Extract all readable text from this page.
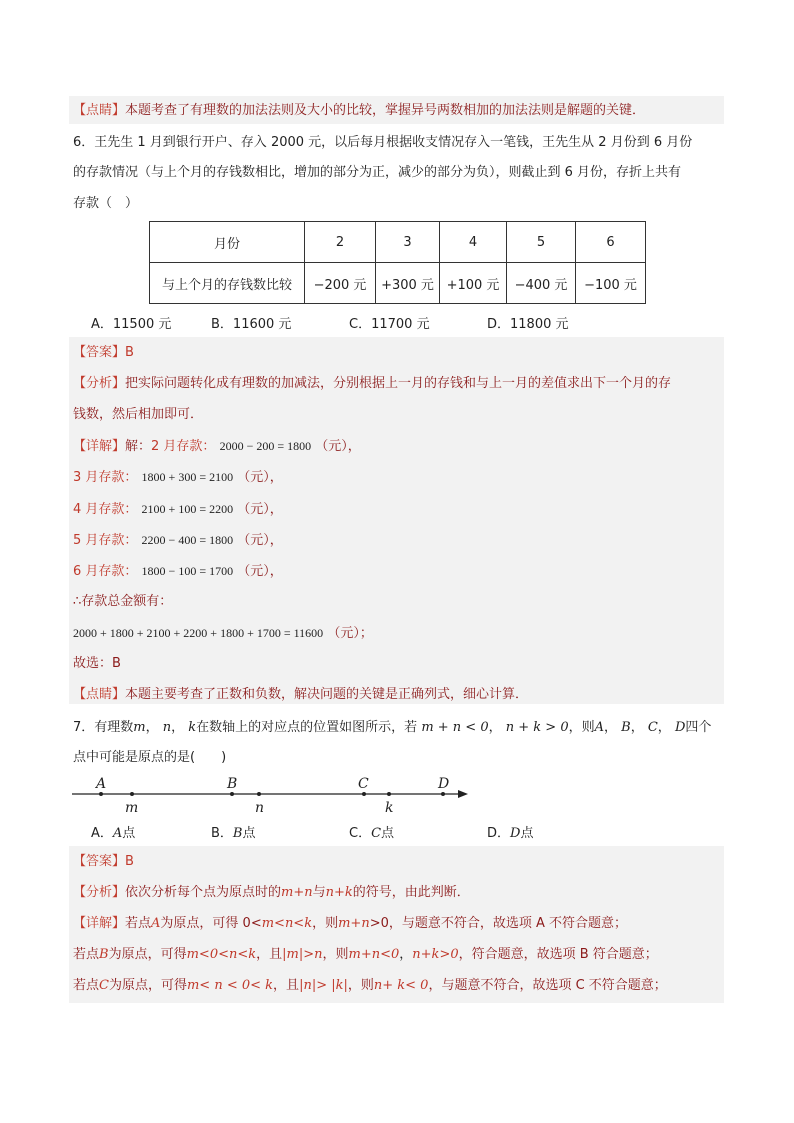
【点睛】本题考查了有理数的加法法则及大小的比较，掌握异号两数相加的加法法则是解题的关键．
6．王先生 1 月到银行开户、存入 2000 元，以后每月根据收支情况存入一笔钱，王先生从 2 月份到 6 月份
的存款情况（与上个月的存钱数相比，增加的部分为正，减少的部分为负），则截止到 6 月份，存折上共有
存款（　）
月份	2	3	4	5	6
与上个月的存钱数比较	−200 元	+300 元	+100 元	−400 元	−100 元
A．11500 元	B．11600 元	C．11700 元	D．11800 元
【答案】B
【分析】把实际问题转化成有理数的加减法，分别根据上一月的存钱和与上一月的差值求出下一个月的存
钱数，然后相加即可．
【详解】解：2 月存款： 2000 − 200 = 1800 （元），
3 月存款： 1800 + 300 = 2100 （元），
4 月存款： 2100 + 100 = 2200 （元），
5 月存款： 2200 − 400 = 1800 （元），
6 月存款： 1800 − 100 = 1700 （元），
∴存款总金额有：
2000 + 1800 + 2100 + 2200 + 1800 + 1700 = 11600 （元）；
故选：B
【点睛】本题主要考查了正数和负数，解决问题的关键是正确列式，细心计算．
7．有理数m， n， k在数轴上的对应点的位置如图所示，若 m + n < 0， n + k > 0，则A， B， C， D四个
点中可能是原点的是(　　)
A	B	C	D
m	n	k
A．A点	B．B点	C．C点	D．D点
【答案】B
【分析】依次分析每个点为原点时的m+n与n+k的符号，由此判断．
【详解】若点A为原点，可得 0<m<n<k，则m+n>0，与题意不符合，故选项 A 不符合题意；
若点B为原点，可得m<0<n<k，且|m|>n，则m+n<0，n+k>0，符合题意，故选项 B 符合题意；
若点C为原点，可得m< n < 0< k，且|n|> |k|，则n+ k< 0，与题意不符合，故选项 C 不符合题意；
